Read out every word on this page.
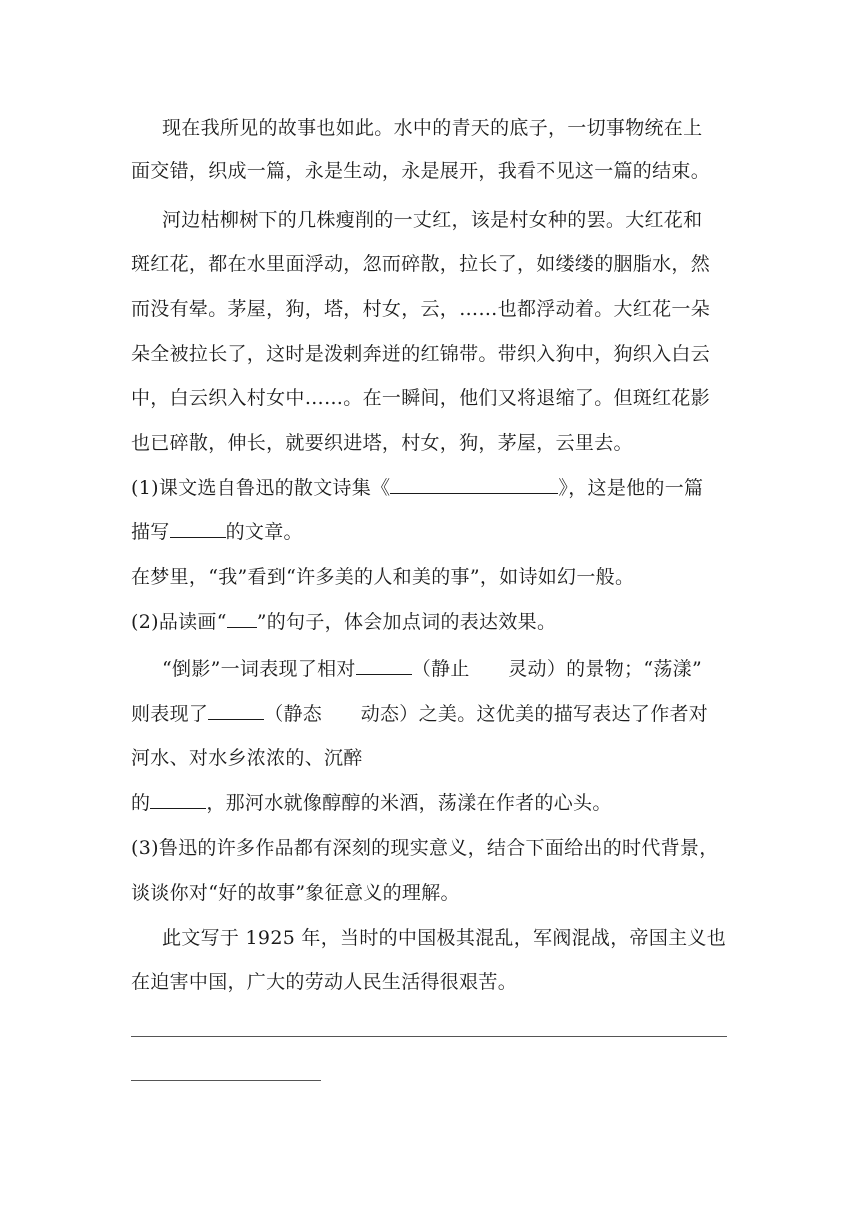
现在我所见的故事也如此。水中的青天的底子，一切事物统在上
面交错，织成一篇，永是生动，永是展开，我看不见这一篇的结束。
河边枯柳树下的几株瘦削的一丈红，该是村女种的罢。大红花和
斑红花，都在水里面浮动，忽而碎散，拉长了，如缕缕的胭脂水，然
而没有晕。茅屋，狗，塔，村女，云，……也都浮动着。大红花一朵
朵全被拉长了，这时是泼剌奔迸的红锦带。带织入狗中，狗织入白云
中，白云织入村女中……。在一瞬间，他们又将退缩了。但斑红花影
也已碎散，伸长，就要织进塔，村女，狗，茅屋，云里去。
(1)课文选自鲁迅的散文诗集《	》，这是他的一篇
描写	的文章。
在梦里，“我”看到“许多美的人和美的事”，如诗如幻一般。
(2)品读画“ ”的句子，体会加点词的表达效果。
“倒影”一词表现了相对	（静止　　灵动）的景物；“荡漾”
则表现了	（静态　　动态）之美。这优美的描写表达了作者对
河水、对水乡浓浓的、沉醉
的	，那河水就像醇醇的米酒，荡漾在作者的心头。
(3)鲁迅的许多作品都有深刻的现实意义，结合下面给出的时代背景，
谈谈你对“好的故事”象征意义的理解。
此文写于 1925 年，当时的中国极其混乱，军阀混战，帝国主义也
在迫害中国，广大的劳动人民生活得很艰苦。
